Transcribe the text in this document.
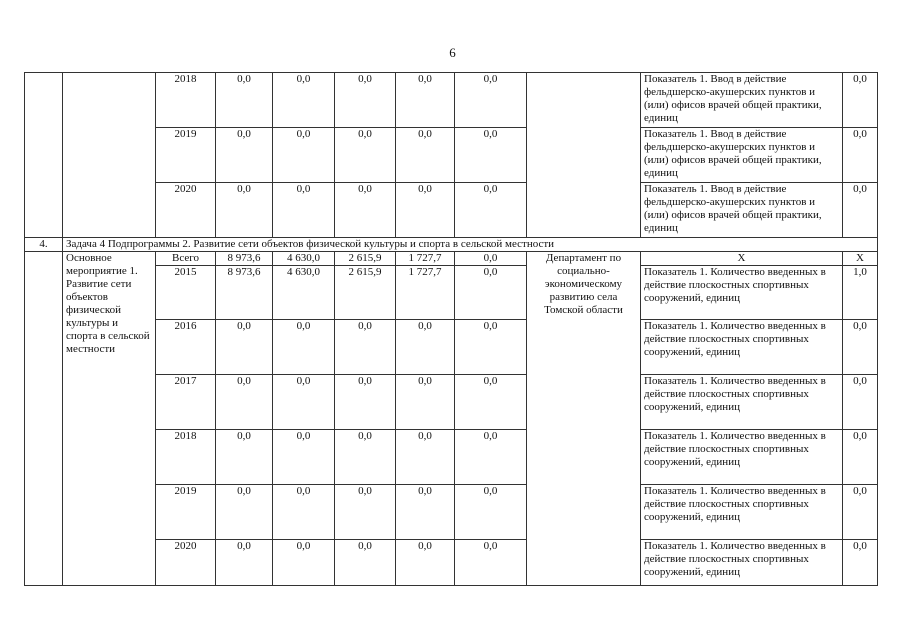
6
		2018	0,0	0,0	0,0	0,0	0,0		Показатель 1. Ввод в действие фельдшерско-акушерских пунктов и (или) офисов врачей общей практики, единиц	0,0
		2019	0,0	0,0	0,0	0,0	0,0		Показатель 1. Ввод в действие фельдшерско-акушерских пунктов и (или) офисов врачей общей практики, единиц	0,0
		2020	0,0	0,0	0,0	0,0	0,0		Показатель 1. Ввод в действие фельдшерско-акушерских пунктов и (или) офисов врачей общей практики, единиц	0,0
4.	Задача 4 Подпрограммы 2. Развитие сети объектов физической культуры и спорта в сельской местности									
	Основное мероприятие 1. Развитие сети объектов физической культуры и спорта в сельской местности	Всего	8 973,6	4 630,0	2 615,9	1 727,7	0,0	Департамент по социально-экономическому развитию села Томской области	Х	Х
		2015	8 973,6	4 630,0	2 615,9	1 727,7	0,0		Показатель 1. Количество введенных в действие плоскостных спортивных сооружений, единиц	1,0
		2016	0,0	0,0	0,0	0,0	0,0		Показатель 1. Количество введенных в действие плоскостных спортивных сооружений, единиц	0,0
		2017	0,0	0,0	0,0	0,0	0,0		Показатель 1. Количество введенных в действие плоскостных спортивных сооружений, единиц	0,0
		2018	0,0	0,0	0,0	0,0	0,0		Показатель 1. Количество введенных в действие плоскостных спортивных сооружений, единиц	0,0
		2019	0,0	0,0	0,0	0,0	0,0		Показатель 1. Количество введенных в действие плоскостных спортивных сооружений, единиц	0,0
		2020	0,0	0,0	0,0	0,0	0,0		Показатель 1. Количество введенных в действие плоскостных спортивных сооружений, единиц	0,0
